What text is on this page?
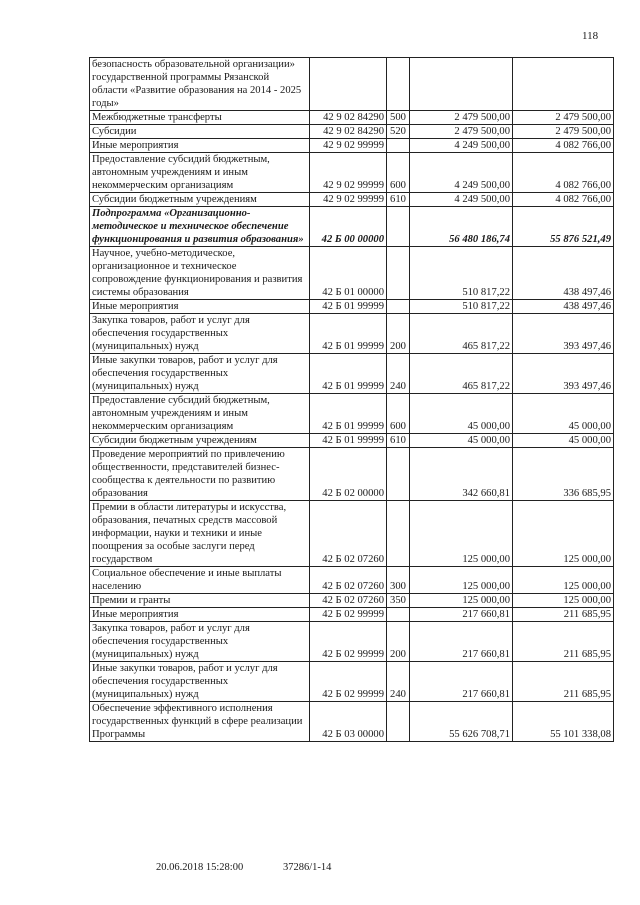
118
безопасность образовательной организации» государственной программы Рязанской области «Развитие образования на 2014 - 2025 годы»				
Межбюджетные трансферты	42 9 02 84290	500	2 479 500,00	2 479 500,00
Субсидии	42 9 02 84290	520	2 479 500,00	2 479 500,00
Иные мероприятия	42 9 02 99999		4 249 500,00	4 082 766,00
Предоставление субсидий бюджетным, автономным учреждениям и иным некоммерческим организациям	42 9 02 99999	600	4 249 500,00	4 082 766,00
Субсидии бюджетным учреждениям	42 9 02 99999	610	4 249 500,00	4 082 766,00
Подпрограмма «Организационно-методическое и техническое обеспечение функционирования и развития образования»	42 Б 00 00000		56 480 186,74	55 876 521,49
Научное, учебно-методическое, организационное и техническое сопровождение функционирования и развития системы образования	42 Б 01 00000		510 817,22	438 497,46
Иные мероприятия	42 Б 01 99999		510 817,22	438 497,46
Закупка товаров, работ и услуг для обеспечения государственных (муниципальных) нужд	42 Б 01 99999	200	465 817,22	393 497,46
Иные закупки товаров, работ и услуг для обеспечения государственных (муниципальных) нужд	42 Б 01 99999	240	465 817,22	393 497,46
Предоставление субсидий бюджетным, автономным учреждениям и иным некоммерческим организациям	42 Б 01 99999	600	45 000,00	45 000,00
Субсидии бюджетным учреждениям	42 Б 01 99999	610	45 000,00	45 000,00
Проведение мероприятий по привлечению общественности, представителей бизнес-сообщества к деятельности по развитию образования	42 Б 02 00000		342 660,81	336 685,95
Премии в области литературы и искусства, образования, печатных средств массовой информации, науки и техники и иные поощрения за особые заслуги перед государством	42 Б 02 07260		125 000,00	125 000,00
Социальное обеспечение и иные выплаты населению	42 Б 02 07260	300	125 000,00	125 000,00
Премии и гранты	42 Б 02 07260	350	125 000,00	125 000,00
Иные мероприятия	42 Б 02 99999		217 660,81	211 685,95
Закупка товаров, работ и услуг для обеспечения государственных (муниципальных) нужд	42 Б 02 99999	200	217 660,81	211 685,95
Иные закупки товаров, работ и услуг для обеспечения государственных (муниципальных) нужд	42 Б 02 99999	240	217 660,81	211 685,95
Обеспечение эффективного исполнения государственных функций в сфере реализации Программы	42 Б 03 00000		55 626 708,71	55 101 338,08
20.06.2018 15:28:00	37286/1-14
